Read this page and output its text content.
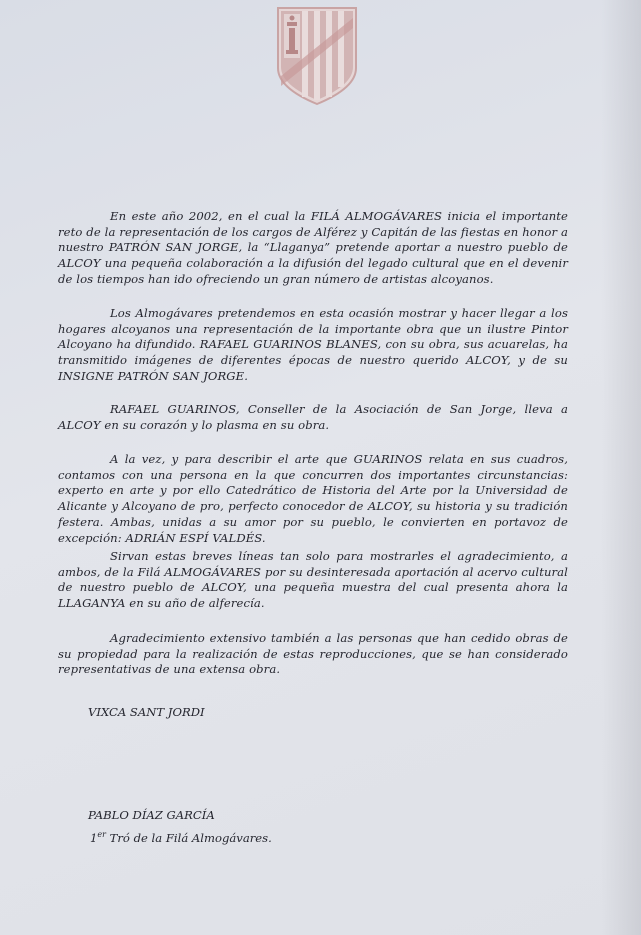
En este año 2002, en el cual la FILÁ ALMOGÁVARES inicia el importante reto de la representación de los cargos de Alférez y Capitán de las fiestas en honor a nuestro PATRÓN SAN JORGE, la “Llaganya” pretende aportar a nuestro pueblo de ALCOY una pequeña colaboración a la difusión del legado cultural que en el devenir de los tiempos han ido ofreciendo un gran número de artistas alcoyanos.

Los Almogávares pretendemos en esta ocasión mostrar y hacer llegar a los hogares alcoyanos una representación de la importante obra que un ilustre Pintor Alcoyano ha difundido. RAFAEL GUARINOS BLANES, con su obra, sus acuarelas, ha transmitido imágenes de diferentes épocas de nuestro querido ALCOY, y de su INSIGNE PATRÓN SAN JORGE.

RAFAEL GUARINOS, Conseller de la Asociación de San Jorge, lleva a ALCOY en su corazón y lo plasma en su obra.

A la vez, y para describir el arte que GUARINOS relata en sus cuadros, contamos con una persona en la que concurren dos importantes circunstancias: experto en arte y por ello Catedrático de Historia del Arte por la Universidad de Alicante y Alcoyano de pro, perfecto conocedor de ALCOY, su historia y su tradición festera. Ambas, unidas a su amor por su pueblo, le convierten en portavoz de excepción: ADRIÁN ESPÍ VALDÉS.

Sirvan estas breves líneas tan solo para mostrarles el agradecimiento, a ambos, de la Filá ALMOGÁVARES por su desinteresada aportación al acervo cultural de nuestro pueblo de ALCOY, una pequeña muestra del cual presenta ahora la LLAGANYA en su año de alferecía.

Agradecimiento extensivo también a las personas que han cedido obras de su propiedad para la realización de estas reproducciones, que se han considerado representativas de una extensa obra.

VIXCA SANT JORDI
PABLO DÍAZ GARCÍA
1er Tró de la Filá Almogávares.
